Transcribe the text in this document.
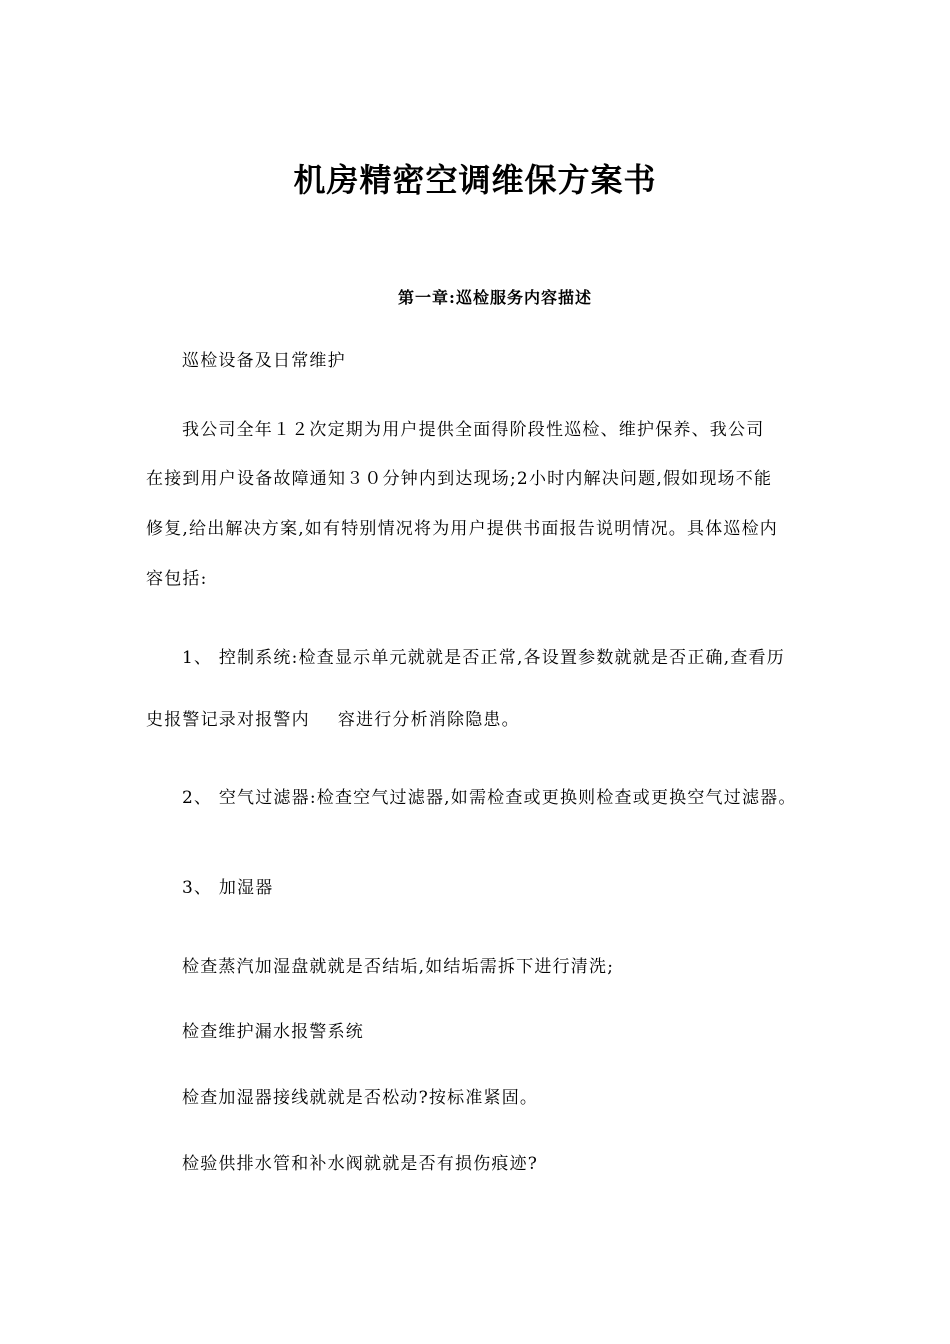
机房精密空调维保方案书
第一章:巡检服务内容描述
巡检设备及日常维护
我公司全年１２次定期为用户提供全面得阶段性巡检、维护保养、我公司
在接到用户设备故障通知３０分钟内到达现场;2小时内解决问题,假如现场不能
修复,给出解决方案,如有特别情况将为用户提供书面报告说明情况。具体巡检内
容包括:
1、 控制系统:检查显示单元就就是否正常,各设置参数就就是否正确,查看历
史报警记录对报警内 容进行分析消除隐患。
2、 空气过滤器:检查空气过滤器,如需检查或更换则检查或更换空气过滤器。
3、 加湿器
检查蒸汽加湿盘就就是否结垢,如结垢需拆下进行清洗;
检查维护漏水报警系统
检查加湿器接线就就是否松动?按标准紧固。
检验供排水管和补水阀就就是否有损伤痕迹?
